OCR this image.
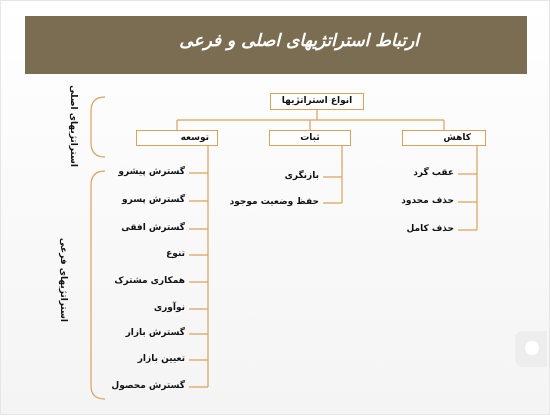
ارتباط استراتژیهای اصلی و فرعی
استراتژیهای اصلی
استراتژیهای فرعی
انواع استراتژیها
توسعه	ثبات	کاهش
گسترش پیشرو
گسترش پسرو
گسترش افقی
تنوع
همکاری مشترک
نوآوری
گسترش بازار
تعیین بازار
گسترش محصول
بازنگری
حفظ وضعیت موجود
عقب گرد
حذف محدود
حذف کامل
